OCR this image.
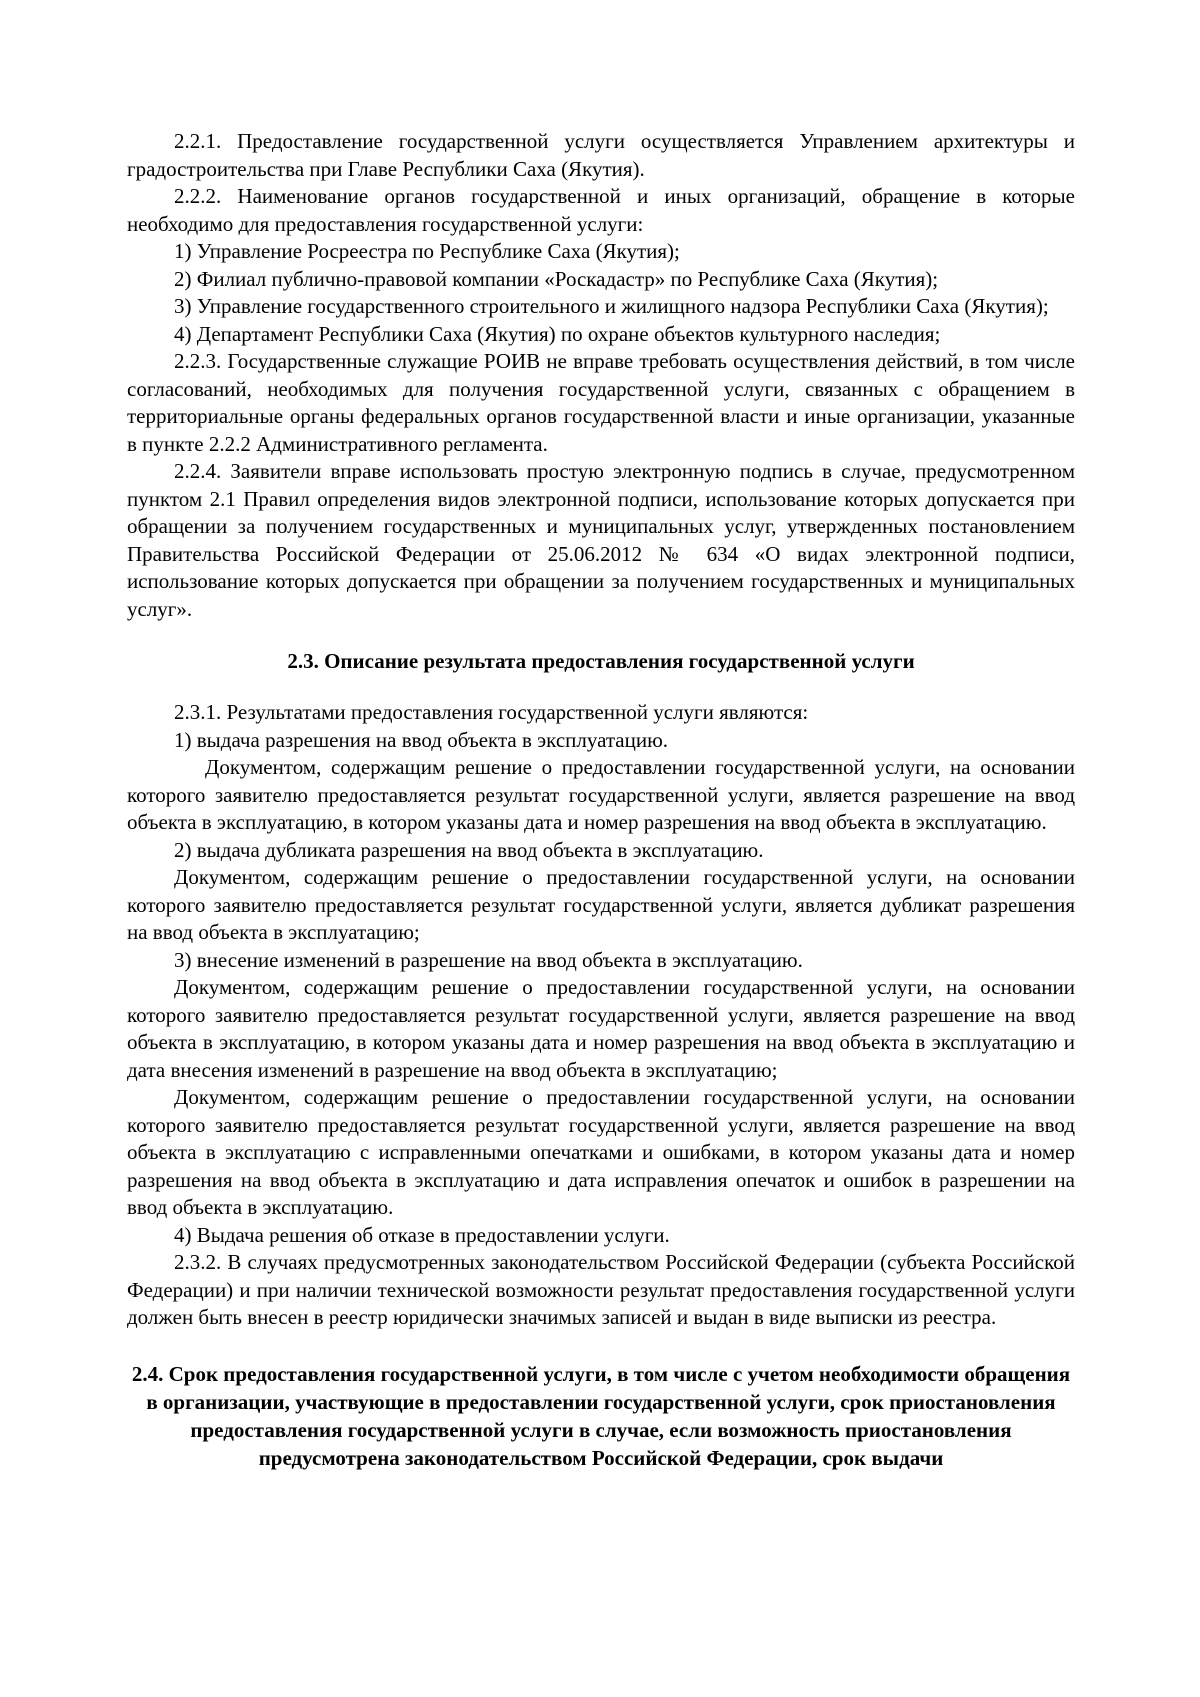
2.2.1. Предоставление государственной услуги осуществляется Управлением архитектуры и градостроительства при Главе Республики Саха (Якутия).

2.2.2. Наименование органов государственной и иных организаций, обращение в которые необходимо для предоставления государственной услуги:

1) Управление Росреестра по Республике Саха (Якутия);

2) Филиал публично-правовой компании «Роскадастр» по Республике Саха (Якутия);

3) Управление государственного строительного и жилищного надзора Республики Саха (Якутия);

4) Департамент Республики Саха (Якутия) по охране объектов культурного наследия;

2.2.3. Государственные служащие РОИВ не вправе требовать осуществления действий, в том числе согласований, необходимых для получения государственной услуги, связанных с обращением в территориальные органы федеральных органов государственной власти и иные организации, указанные в пункте 2.2.2 Административного регламента.

2.2.4. Заявители вправе использовать простую электронную подпись в случае, предусмотренном пунктом 2.1 Правил определения видов электронной подписи, использование которых допускается при обращении за получением государственных и муниципальных услуг, утвержденных постановлением Правительства Российской Федерации от 25.06.2012 № 634 «О видах электронной подписи, использование которых допускается при обращении за получением государственных и муниципальных услуг».

2.3. Описание результата предоставления государственной услуги

2.3.1. Результатами предоставления государственной услуги являются:

1) выдача разрешения на ввод объекта в эксплуатацию.

Документом, содержащим решение о предоставлении государственной услуги, на основании которого заявителю предоставляется результат государственной услуги, является разрешение на ввод объекта в эксплуатацию, в котором указаны дата и номер разрешения на ввод объекта в эксплуатацию.

2) выдача дубликата разрешения на ввод объекта в эксплуатацию.

Документом, содержащим решение о предоставлении государственной услуги, на основании которого заявителю предоставляется результат государственной услуги, является дубликат разрешения на ввод объекта в эксплуатацию;

3) внесение изменений в разрешение на ввод объекта в эксплуатацию.

Документом, содержащим решение о предоставлении государственной услуги, на основании которого заявителю предоставляется результат государственной услуги, является разрешение на ввод объекта в эксплуатацию, в котором указаны дата и номер разрешения на ввод объекта в эксплуатацию и дата внесения изменений в разрешение на ввод объекта в эксплуатацию;

Документом, содержащим решение о предоставлении государственной услуги, на основании которого заявителю предоставляется результат государственной услуги, является разрешение на ввод объекта в эксплуатацию с исправленными опечатками и ошибками, в котором указаны дата и номер разрешения на ввод объекта в эксплуатацию и дата исправления опечаток и ошибок в разрешении на ввод объекта в эксплуатацию.

4) Выдача решения об отказе в предоставлении услуги.

2.3.2. В случаях предусмотренных законодательством Российской Федерации (субъекта Российской Федерации) и при наличии технической возможности результат предоставления государственной услуги должен быть внесен в реестр юридически значимых записей и выдан в виде выписки из реестра.

2.4. Срок предоставления государственной услуги, в том числе с учетом необходимости обращения в организации, участвующие в предоставлении государственной услуги, срок приостановления предоставления государственной услуги в случае, если возможность приостановления предусмотрена законодательством Российской Федерации, срок выдачи
